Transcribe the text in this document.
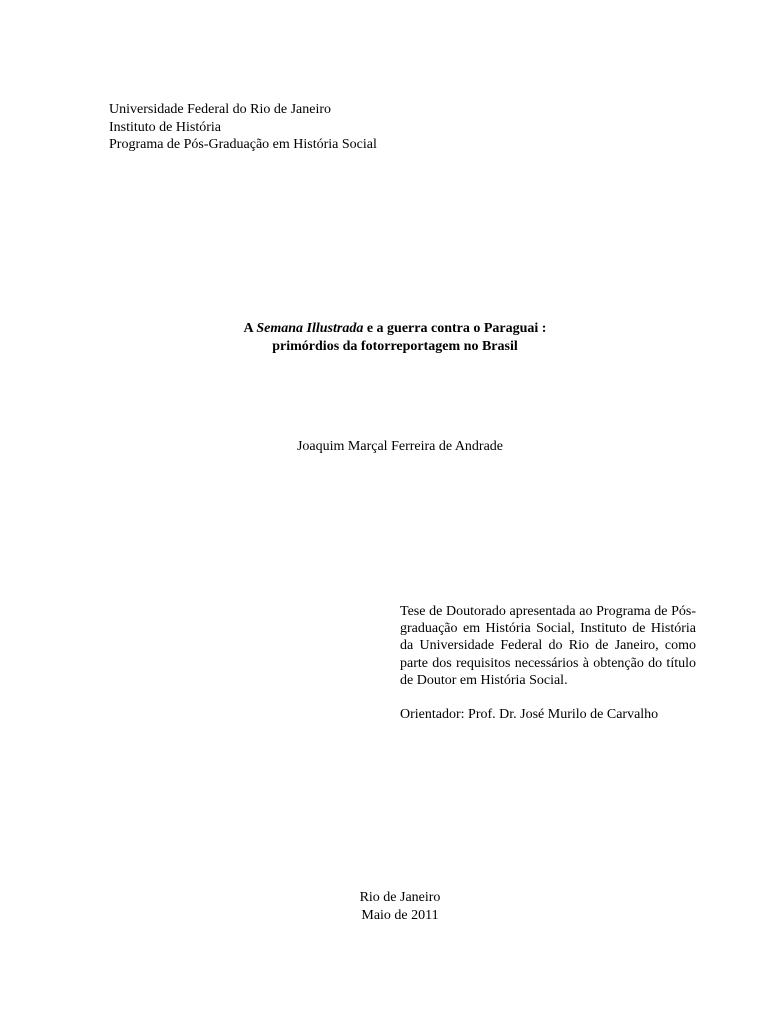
Universidade Federal do Rio de Janeiro
Instituto de História
Programa de Pós-Graduação em História Social
A Semana Illustrada e a guerra contra o Paraguai :
primórdios da fotorreportagem no Brasil
Joaquim Marçal Ferreira de Andrade
Tese de Doutorado apresentada ao Programa de Pós-graduação em História Social, Instituto de História da Universidade Federal do Rio de Janeiro, como parte dos requisitos necessários à obtenção do título de Doutor em História Social.
Orientador: Prof. Dr. José Murilo de Carvalho
Rio de Janeiro
Maio de 2011
